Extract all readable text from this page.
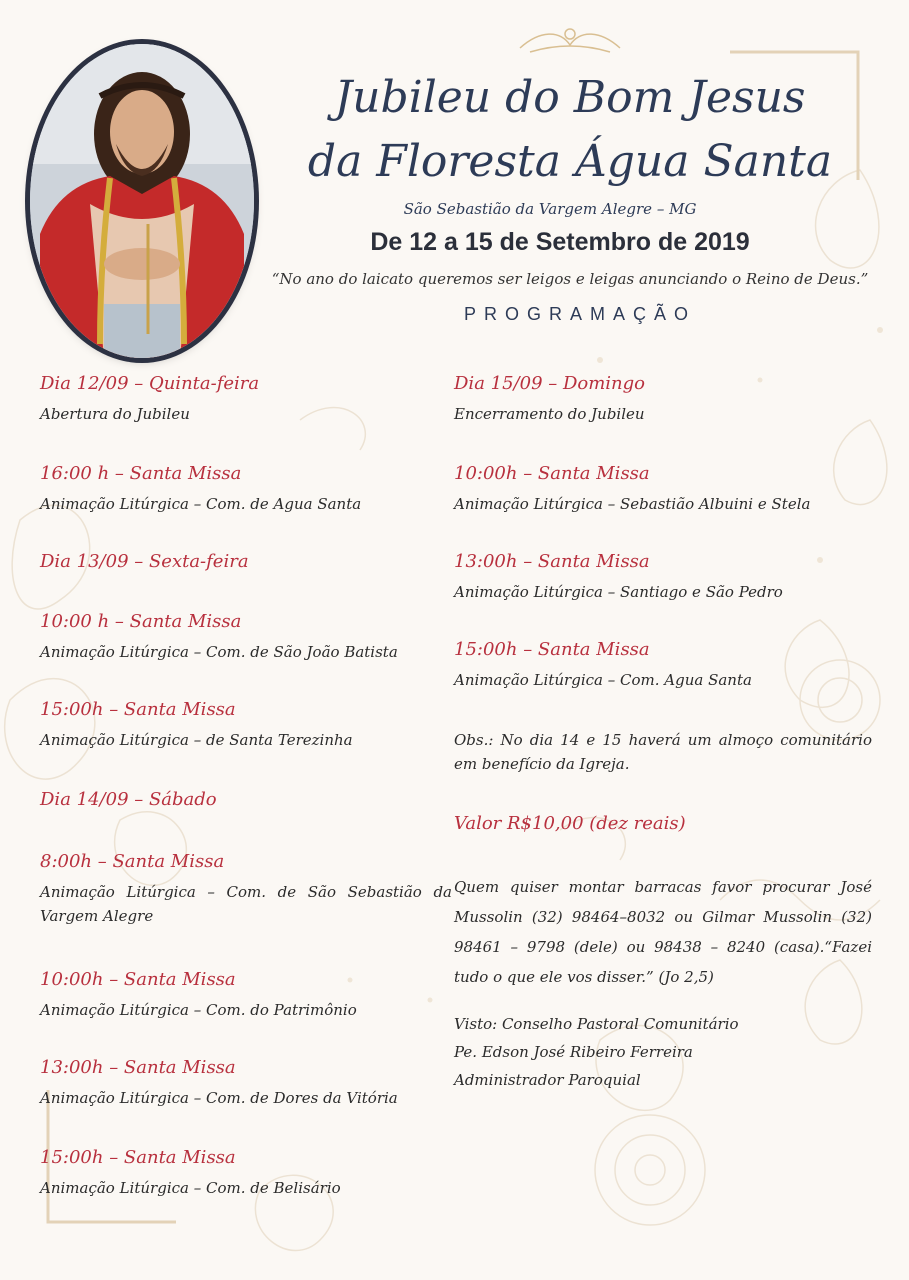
Jubileu do Bom Jesus
da Floresta Água Santa
São Sebastião da Vargem Alegre – MG
De 12 a 15 de Setembro de 2019
“No ano do laicato queremos ser leigos e leigas anunciando o Reino de Deus.”
PROGRAMAÇÃO
Dia 12/09 – Quinta-feira
Abertura do Jubileu
16:00 h – Santa Missa
Animação Litúrgica – Com. de Agua Santa
Dia 13/09 – Sexta-feira
10:00 h – Santa Missa
Animação Litúrgica – Com. de São João Batista
15:00h – Santa Missa
Animação Litúrgica – de Santa Terezinha
Dia 14/09 – Sábado
8:00h – Santa Missa
Animação Litúrgica – Com. de São Sebastião da Vargem Alegre
10:00h – Santa Missa
Animação Litúrgica – Com. do Patrimônio
13:00h – Santa Missa
Animação Litúrgica – Com. de Dores da Vitória
15:00h – Santa Missa
Animação Litúrgica – Com. de Belisário
Dia 15/09 – Domingo
Encerramento do Jubileu
10:00h – Santa Missa
Animação Litúrgica – Sebastião Albuini e Stela
13:00h – Santa Missa
Animação Litúrgica – Santiago e São Pedro
15:00h – Santa Missa
Animação Litúrgica – Com. Agua Santa
Obs.: No dia 14 e 15 haverá um almoço comunitário em benefício da Igreja.
Valor R$10,00 (dez reais)
Quem quiser montar barracas favor procurar José Mussolin (32) 98464–8032 ou Gilmar Mussolin (32) 98461 – 9798 (dele) ou 98438 – 8240 (casa).“Fazei tudo o que ele vos disser.” (Jo 2,5)
Visto: Conselho Pastoral Comunitário
Pe. Edson José Ribeiro Ferreira
Administrador Paroquial
